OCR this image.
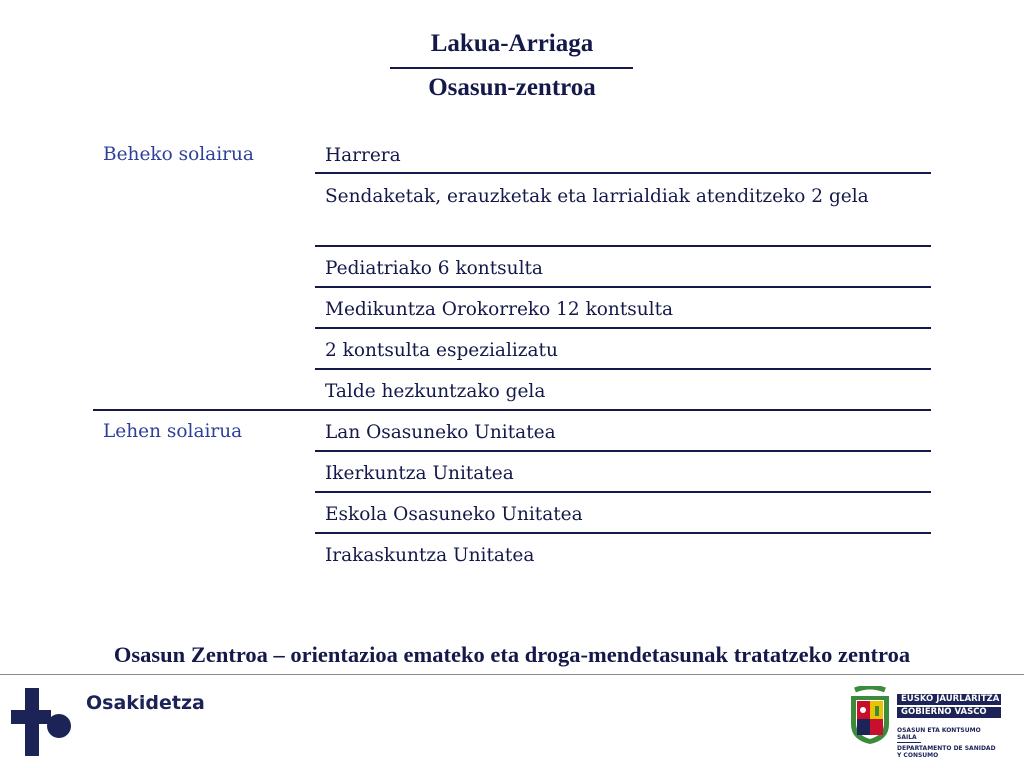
Lakua-Arriaga
Osasun-zentroa
Beheko solairua
Lehen solairua
Harrera
Sendaketak, erauzketak eta larrialdiak atenditzeko 2 gela
Pediatriako 6 kontsulta
Medikuntza Orokorreko 12 kontsulta
2 kontsulta espezializatu
Talde hezkuntzako gela
Lan Osasuneko Unitatea
Ikerkuntza Unitatea
Eskola Osasuneko Unitatea
Irakaskuntza Unitatea
Osasun Zentroa – orientazioa emateko eta droga-mendetasunak tratatzeko zentroa
Osakidetza	EUSKO JAURLARITZA
GOBIERNO VASCO
OSASUN ETA KONTSUMO
SAILA
DEPARTAMENTO DE SANIDAD
Y CONSUMO
